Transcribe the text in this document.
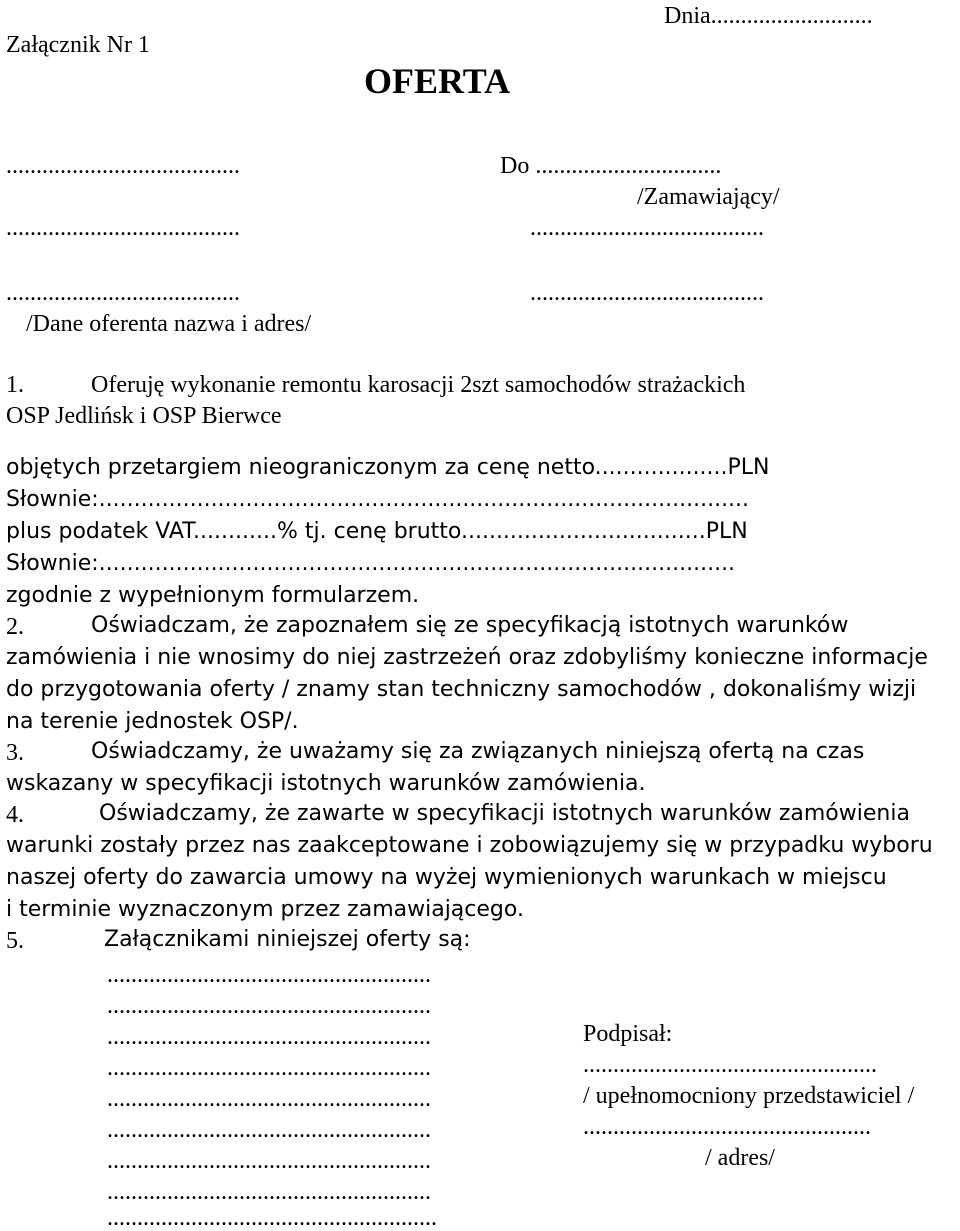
Dnia...........................
Załącznik Nr 1
OFERTA
.......................................	Do ...............................
/Zamawiający/
.......................................	.......................................
.......................................	.......................................
/Dane oferenta nazwa i adres/
1.	Oferuję wykonanie remontu karosacji 2szt samochodów strażackich
OSP Jedlińsk i OSP Bierwce
objętych przetargiem nieograniczonym za cenę netto...................PLN
Słownie:.............................................................................................
plus podatek VAT............% tj. cenę brutto...................................PLN
Słownie:...........................................................................................
zgodnie z wypełnionym formularzem.
2.	Oświadczam, że zapoznałem się ze specyfikacją istotnych warunków
zamówienia i nie wnosimy do niej zastrzeżeń oraz zdobyliśmy konieczne informacje
do przygotowania oferty / znamy stan techniczny samochodów , dokonaliśmy wizji
na terenie jednostek OSP/.
3.	Oświadczamy, że uważamy się za związanych niniejszą ofertą na czas
wskazany w specyfikacji istotnych warunków zamówienia.
4.	Oświadczamy, że zawarte w specyfikacji istotnych warunków zamówienia
warunki zostały przez nas zaakceptowane i zobowiązujemy się w przypadku wyboru
naszej oferty do zawarcia umowy na wyżej wymienionych warunkach w miejscu
i terminie wyznaczonym przez zamawiającego.
5.	Załącznikami niniejszej oferty są:
......................................................
......................................................
......................................................
......................................................
......................................................
......................................................
......................................................
......................................................
.......................................................
Podpisał:
.................................................
/ upełnomocniony przedstawiciel /
................................................
/ adres/
